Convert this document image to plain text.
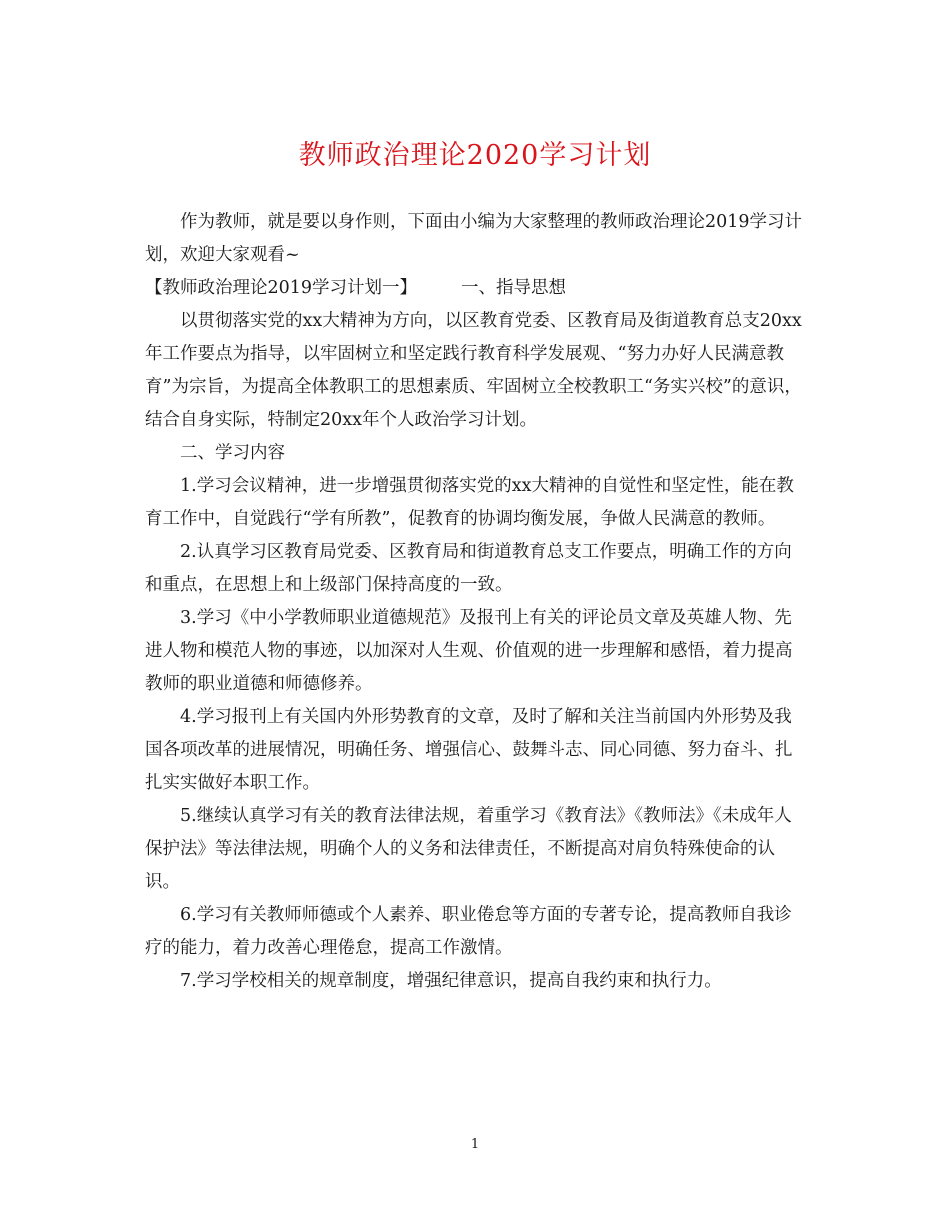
教师政治理论2020学习计划

作为教师，就是要以身作则，下面由小编为大家整理的教师政治理论2019学习计划，欢迎大家观看~

【教师政治理论2019学习计划一】	一、指导思想

以贯彻落实党的xx大精神为方向，以区教育党委、区教育局及街道教育总支20xx年工作要点为指导，以牢固树立和坚定践行教育科学发展观、“努力办好人民满意教育”为宗旨，为提高全体教职工的思想素质、牢固树立全校教职工“务实兴校”的意识，结合自身实际，特制定20xx年个人政治学习计划。

二、学习内容

1.学习会议精神，进一步增强贯彻落实党的xx大精神的自觉性和坚定性，能在教育工作中，自觉践行“学有所教”，促教育的协调均衡发展，争做人民满意的教师。

2.认真学习区教育局党委、区教育局和街道教育总支工作要点，明确工作的方向和重点，在思想上和上级部门保持高度的一致。

3.学习《中小学教师职业道德规范》及报刊上有关的评论员文章及英雄人物、先进人物和模范人物的事迹，以加深对人生观、价值观的进一步理解和感悟，着力提高教师的职业道德和师德修养。

4.学习报刊上有关国内外形势教育的文章，及时了解和关注当前国内外形势及我国各项改革的进展情况，明确任务、增强信心、鼓舞斗志、同心同德、努力奋斗、扎扎实实做好本职工作。

5.继续认真学习有关的教育法律法规，着重学习《教育法》《教师法》《未成年人保护法》等法律法规，明确个人的义务和法律责任，不断提高对肩负特殊使命的认识。

6.学习有关教师师德或个人素养、职业倦怠等方面的专著专论，提高教师自我诊疗的能力，着力改善心理倦怠，提高工作激情。

7.学习学校相关的规章制度，增强纪律意识，提高自我约束和执行力。

1
